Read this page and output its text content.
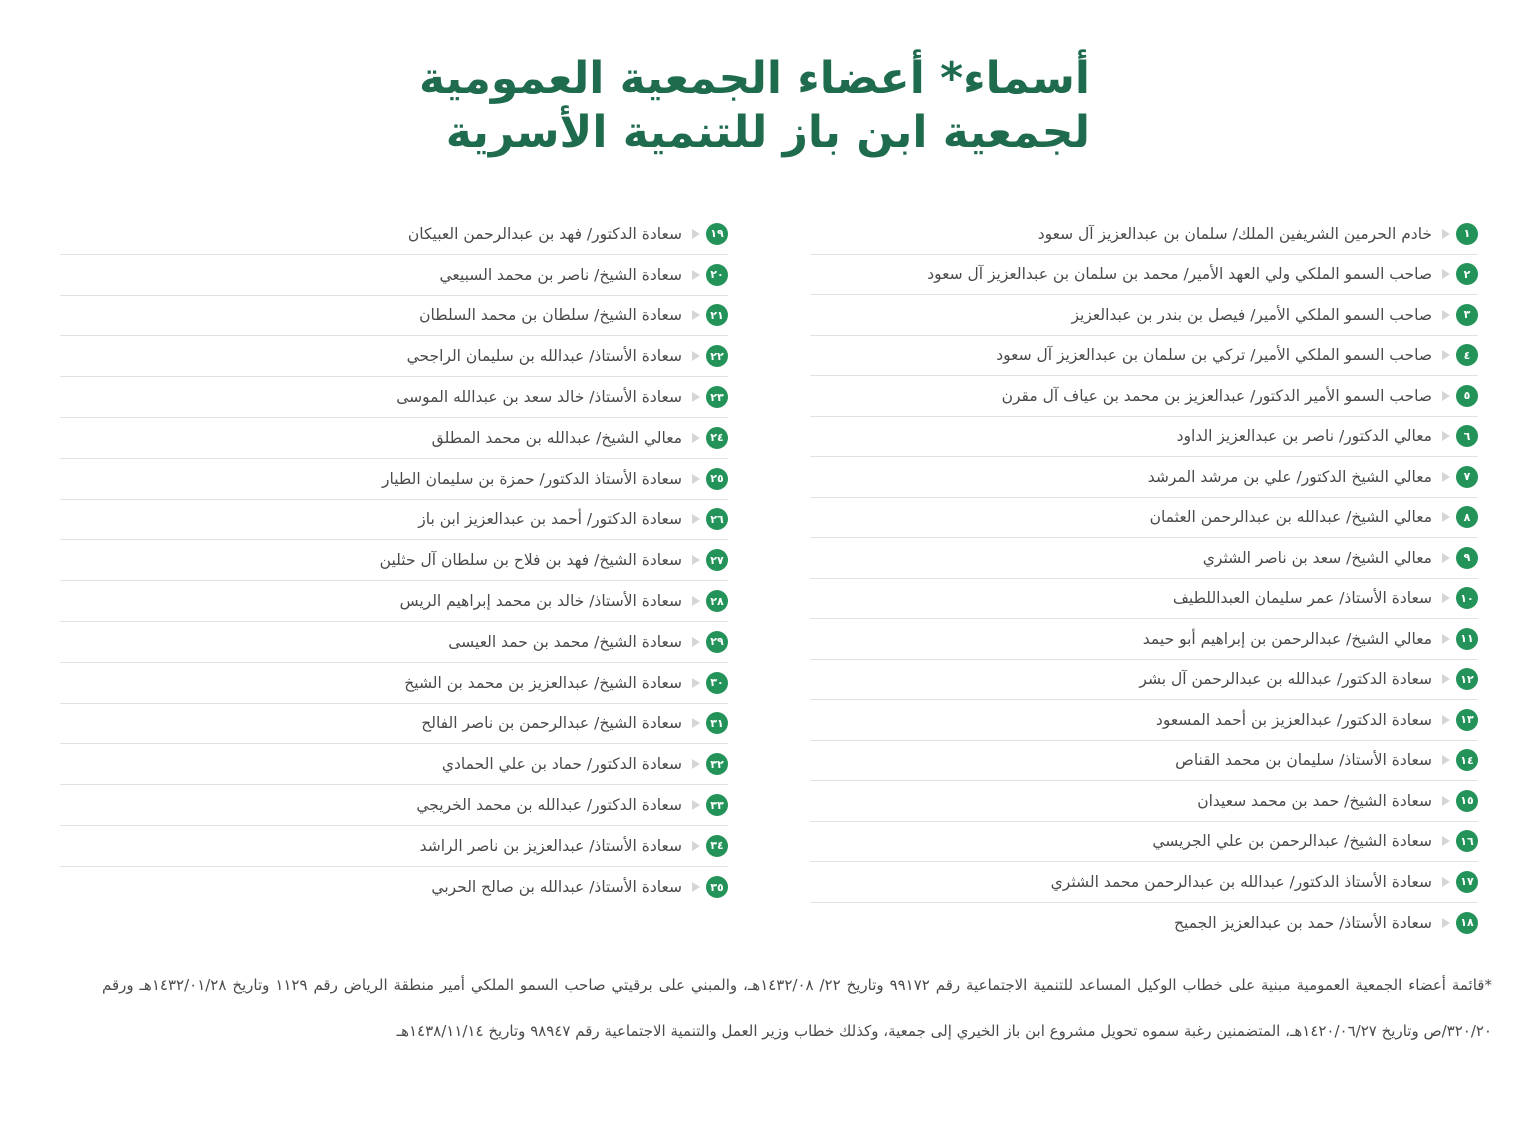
أسماء* أعضاء الجمعية العمومية
لجمعية ابن باز للتنمية الأسرية
١٩
سعادة الدكتور/ فهد بن عبدالرحمن العبيكان
٢٠
سعادة الشيخ/ ناصر بن محمد السبيعي
٢١
سعادة الشيخ/ سلطان بن محمد السلطان
٢٢
سعادة الأستاذ/ عبدالله بن سليمان الراجحي
٢٣
سعادة الأستاذ/ خالد سعد بن عبدالله الموسى
٢٤
معالي الشيخ/ عبدالله بن محمد المطلق
٢٥
سعادة الأستاذ الدكتور/ حمزة بن سليمان الطيار
٢٦
سعادة الدكتور/ أحمد بن عبدالعزيز ابن باز
٢٧
سعادة الشيخ/ فهد بن فلاح بن سلطان آل حثلين
٢٨
سعادة الأستاذ/ خالد بن محمد إبراهيم الريس
٢٩
سعادة الشيخ/ محمد بن حمد العيسى
٣٠
سعادة الشيخ/ عبدالعزيز بن محمد بن الشيخ
٣١
سعادة الشيخ/ عبدالرحمن بن ناصر الفالح
٣٢
سعادة الدكتور/ حماد بن علي الحمادي
٣٣
سعادة الدكتور/ عبدالله بن محمد الخريجي
٣٤
سعادة الأستاذ/ عبدالعزيز بن ناصر الراشد
٣٥
سعادة الأستاذ/ عبدالله بن صالح الحربي
١
خادم الحرمين الشريفين الملك/ سلمان بن عبدالعزيز آل سعود
٢
صاحب السمو الملكي ولي العهد الأمير/ محمد بن سلمان بن عبدالعزيز آل سعود
٣
صاحب السمو الملكي الأمير/ فيصل بن بندر بن عبدالعزيز
٤
صاحب السمو الملكي الأمير/ تركي بن سلمان بن عبدالعزيز آل سعود
٥
صاحب السمو الأمير الدكتور/ عبدالعزيز بن محمد بن عياف آل مقرن
٦
معالي الدكتور/ ناصر بن عبدالعزيز الداود
٧
معالي الشيخ الدكتور/ علي بن مرشد المرشد
٨
معالي الشيخ/ عبدالله بن عبدالرحمن العثمان
٩
معالي الشيخ/ سعد بن ناصر الشثري
١٠
سعادة الأستاذ/ عمر سليمان العبداللطيف
١١
معالي الشيخ/ عبدالرحمن بن إبراهيم أبو حيمد
١٢
سعادة الدكتور/ عبدالله بن عبدالرحمن آل بشر
١٣
سعادة الدكتور/ عبدالعزيز بن أحمد المسعود
١٤
سعادة الأستاذ/ سليمان بن محمد القناص
١٥
سعادة الشيخ/ حمد بن محمد سعيدان
١٦
سعادة الشيخ/ عبدالرحمن بن علي الجريسي
١٧
سعادة الأستاذ الدكتور/ عبدالله بن عبدالرحمن محمد الشثري
١٨
سعادة الأستاذ/ حمد بن عبدالعزيز الجميح

*قائمة أعضاء الجمعية العمومية مبنية على خطاب الوكيل المساعد للتنمية الاجتماعية رقم ٩٩١٧٢ وتاريخ ٢٢/ ١٤٣٢/٠٨هـ، والمبني على برقيتي صاحب السمو الملكي أمير منطقة الرياض رقم ١١٢٩ وتاريخ ١٤٣٢/٠١/٢٨هـ ورقم ٣٢٠/٢٠/ص وتاريخ ١٤٢٠/٠٦/٢٧هـ، المتضمنين رغبة سموه تحويل مشروع ابن باز الخيري إلى جمعية، وكذلك خطاب وزير العمل والتنمية الاجتماعية رقم ٩٨٩٤٧ وتاريخ ١٤٣٨/١١/١٤هـ
